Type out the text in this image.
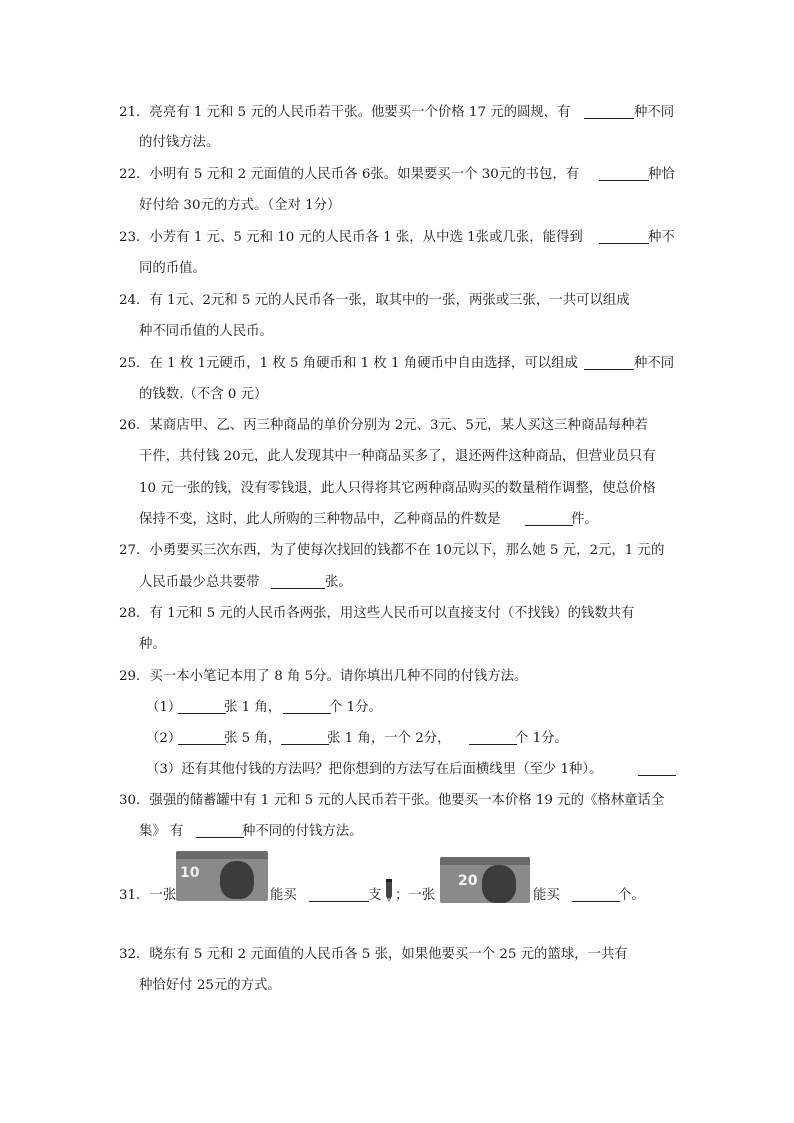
21．亮亮有 1 元和 5 元的人民币若干张。他要买一个价格 17 元的圆规，有	种不同
的付钱方法。
22．小明有 5 元和 2 元面值的人民币各 6张。如果要买一个 30元的书包，有	种恰
好付给 30元的方式。（全对 1分）
23．小芳有 1 元、5 元和 10 元的人民币各 1 张，从中选 1张或几张，能得到	种不
同的币值。
24．有 1元、2元和 5 元的人民币各一张，取其中的一张，两张或三张，一共可以组成
种不同币值的人民币。
25．在 1 枚 1元硬币，1 枚 5 角硬币和 1 枚 1 角硬币中自由选择，可以组成	种不同
的钱数.（不含 0 元）
26．某商店甲、乙、丙三种商品的单价分别为 2元、3元、5元，某人买这三种商品每种若
干件，共付钱 20元，此人发现其中一种商品买多了，退还两件这种商品，但营业员只有
10 元一张的钱，没有零钱退，此人只得将其它两种商品购买的数量稍作调整，使总价格
保持不变，这时，此人所购的三种物品中，乙种商品的件数是	件。
27．小勇要买三次东西，为了使每次找回的钱都不在 10元以下，那么她 5 元，2元，1 元的
人民币最少总共要带	张。
28．有 1元和 5 元的人民币各两张，用这些人民币可以直接支付（不找钱）的钱数共有
种。
29．买一本小笔记本用了 8 角 5分。请你填出几种不同的付钱方法。
（1）	张 1 角，	个 1分。
（2）	张 5 角，	张 1 角，一个 2分，	个 1分。
（3）还有其他付钱的方法吗？把你想到的方法写在后面横线里（至少 1种）。
30．强强的储蓄罐中有 1 元和 5 元的人民币若干张。他要买一本价格 19 元的《格林童话全
集》 有	种不同的付钱方法。
31．一张	能买	支 ；一张	能买	个。
10	20
32．晓东有 5 元和 2 元面值的人民币各 5 张，如果他要买一个 25 元的篮球，一共有
种恰好付 25元的方式。
